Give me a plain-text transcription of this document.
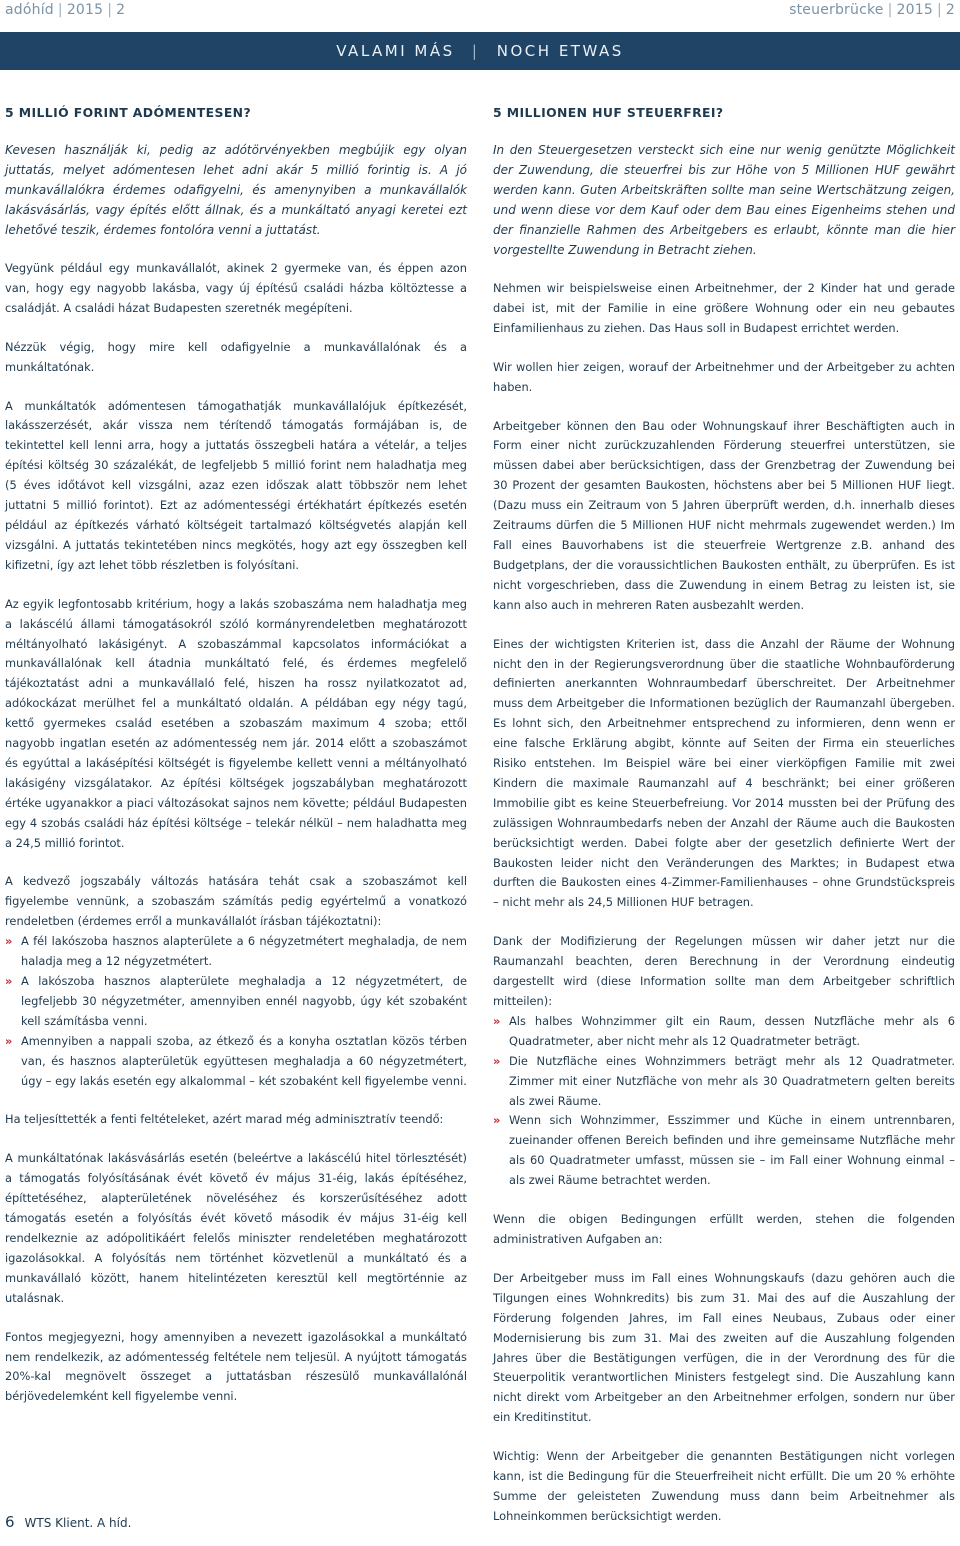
adóhíd | 2015 | 2	steuerbrücke | 2015 | 2
VALAMI MÁS | NOCH ETWAS
5 MILLIÓ FORINT ADÓMENTESEN?

Kevesen használják ki, pedig az adótörvényekben megbújik egy olyan juttatás, melyet adómentesen lehet adni akár 5 millió forintig is. A jó munkavállalókra érdemes odafigyelni, és amenynyiben a munkavállalók lakásvásárlás, vagy építés előtt állnak, és a munkáltató anyagi keretei ezt lehetővé teszik, érdemes fontolóra venni a juttatást.

Vegyünk például egy munkavállalót, akinek 2 gyermeke van, és éppen azon van, hogy egy nagyobb lakásba, vagy új építésű családi házba költöztesse a családját. A családi házat Budapesten szeretnék megépíteni.

Nézzük végig, hogy mire kell odafigyelnie a munkavállalónak és a munkáltatónak.

A munkáltatók adómentesen támogathatják munkavállalójuk építkezését, lakásszerzését, akár vissza nem térítendő támogatás formájában is, de tekintettel kell lenni arra, hogy a juttatás összegbeli határa a vételár, a teljes építési költség 30 százalékát, de legfeljebb 5 millió forint nem haladhatja meg (5 éves időtávot kell vizsgálni, azaz ezen időszak alatt többször nem lehet juttatni 5 millió forintot). Ezt az adómentességi értékhatárt építkezés esetén például az építkezés várható költségeit tartalmazó költségvetés alapján kell vizsgálni. A juttatás tekintetében nincs megkötés, hogy azt egy összegben kell kifizetni, így azt lehet több részletben is folyósítani.

Az egyik legfontosabb kritérium, hogy a lakás szobaszáma nem haladhatja meg a lakáscélú állami támogatásokról szóló kormányrendeletben meghatározott méltányolható lakásigényt. A szobaszámmal kapcsolatos információkat a munkavállalónak kell átadnia munkáltató felé, és érdemes megfelelő tájékoztatást adni a munkavállaló felé, hiszen ha rossz nyilatkozatot ad, adókockázat merülhet fel a munkáltató oldalán. A példában egy négy tagú, kettő gyermekes család esetében a szobaszám maximum 4 szoba; ettől nagyobb ingatlan esetén az adómentesség nem jár. 2014 előtt a szobaszámot és egyúttal a lakásépítési költségét is figyelembe kellett venni a méltányolható lakásigény vizsgálatakor. Az építési költségek jogszabályban meghatározott értéke ugyanakkor a piaci változásokat sajnos nem követte; például Budapesten egy 4 szobás családi ház építési költsége – telekár nélkül – nem haladhatta meg a 24,5 millió forintot.

A kedvező jogszabály változás hatására tehát csak a szobaszámot kell figyelembe vennünk, a szobaszám számítás pedig egyértelmű a vonatkozó rendeletben (érdemes erről a munkavállalót írásban tájékoztatni):

» A fél lakószoba hasznos alapterülete a 6 négyzetmétert meghaladja, de nem haladja meg a 12 négyzetmétert.
» A lakószoba hasznos alapterülete meghaladja a 12 négyzetmétert, de legfeljebb 30 négyzetméter, amennyiben ennél nagyobb, úgy két szobaként kell számításba venni.
» Amennyiben a nappali szoba, az étkező és a konyha osztatlan közös térben van, és hasznos alapterületük együttesen meghaladja a 60 négyzetmétert, úgy – egy lakás esetén egy alkalommal – két szobaként kell figyelembe venni.

Ha teljesíttették a fenti feltételeket, azért marad még adminisztratív teendő:

A munkáltatónak lakásvásárlás esetén (beleértve a lakáscélú hitel törlesztését) a támogatás folyósításának évét követő év május 31-éig, lakás építéséhez, építtetéséhez, alapterületének növeléséhez és korszerűsítéséhez adott támogatás esetén a folyósítás évét követő második év május 31-éig kell rendelkeznie az adópolitikáért felelős miniszter rendeletében meghatározott igazolásokkal. A folyósítás nem történhet közvetlenül a munkáltató és a munkavállaló között, hanem hitelintézeten keresztül kell megtörténnie az utalásnak.

Fontos megjegyezni, hogy amennyiben a nevezett igazolásokkal a munkáltató nem rendelkezik, az adómentesség feltétele nem teljesül. A nyújtott támogatás 20%-kal megnövelt összeget a juttatásban részesülő munkavállalónál bérjövedelemként kell figyelembe venni.

5 MILLIONEN HUF STEUERFREI?

In den Steuergesetzen versteckt sich eine nur wenig genützte Möglichkeit der Zuwendung, die steuerfrei bis zur Höhe von 5 Millionen HUF gewährt werden kann. Guten Arbeitskräften sollte man seine Wertschätzung zeigen, und wenn diese vor dem Kauf oder dem Bau eines Eigenheims stehen und der finanzielle Rahmen des Arbeitgebers es erlaubt, könnte man die hier vorgestellte Zuwendung in Betracht ziehen.

Nehmen wir beispielsweise einen Arbeitnehmer, der 2 Kinder hat und gerade dabei ist, mit der Familie in eine größere Wohnung oder ein neu gebautes Einfamilienhaus zu ziehen. Das Haus soll in Budapest errichtet werden.

Wir wollen hier zeigen, worauf der Arbeitnehmer und der Arbeitgeber zu achten haben.

Arbeitgeber können den Bau oder Wohnungskauf ihrer Beschäftigten auch in Form einer nicht zurückzuzahlenden Förderung steuerfrei unterstützen, sie müssen dabei aber berücksichtigen, dass der Grenzbetrag der Zuwendung bei 30 Prozent der gesamten Baukosten, höchstens aber bei 5 Millionen HUF liegt. (Dazu muss ein Zeitraum von 5 Jahren überprüft werden, d.h. innerhalb dieses Zeitraums dürfen die 5 Millionen HUF nicht mehrmals zugewendet werden.) Im Fall eines Bauvorhabens ist die steuerfreie Wertgrenze z.B. anhand des Budgetplans, der die voraussichtlichen Baukosten enthält, zu überprüfen. Es ist nicht vorgeschrieben, dass die Zuwendung in einem Betrag zu leisten ist, sie kann also auch in mehreren Raten ausbezahlt werden.

Eines der wichtigsten Kriterien ist, dass die Anzahl der Räume der Wohnung nicht den in der Regierungsverordnung über die staatliche Wohnbauförderung definierten anerkannten Wohnraumbedarf überschreitet. Der Arbeitnehmer muss dem Arbeitgeber die Informationen bezüglich der Raumanzahl übergeben. Es lohnt sich, den Arbeitnehmer entsprechend zu informieren, denn wenn er eine falsche Erklärung abgibt, könnte auf Seiten der Firma ein steuerliches Risiko entstehen. Im Beispiel wäre bei einer vierköpfigen Familie mit zwei Kindern die maximale Raumanzahl auf 4 beschränkt; bei einer größeren Immobilie gibt es keine Steuerbefreiung. Vor 2014 mussten bei der Prüfung des zulässigen Wohnraumbedarfs neben der Anzahl der Räume auch die Baukosten berücksichtigt werden. Dabei folgte aber der gesetzlich definierte Wert der Baukosten leider nicht den Veränderungen des Marktes; in Budapest etwa durften die Baukosten eines 4-Zimmer-Familienhauses – ohne Grundstückspreis – nicht mehr als 24,5 Millionen HUF betragen.

Dank der Modifizierung der Regelungen müssen wir daher jetzt nur die Raumanzahl beachten, deren Berechnung in der Verordnung eindeutig dargestellt wird (diese Information sollte man dem Arbeitgeber schriftlich mitteilen):

» Als halbes Wohnzimmer gilt ein Raum, dessen Nutzfläche mehr als 6 Quadratmeter, aber nicht mehr als 12 Quadratmeter beträgt.
» Die Nutzfläche eines Wohnzimmers beträgt mehr als 12 Quadratmeter. Zimmer mit einer Nutzfläche von mehr als 30 Quadratmetern gelten bereits als zwei Räume.
» Wenn sich Wohnzimmer, Esszimmer und Küche in einem untrennbaren, zueinander offenen Bereich befinden und ihre gemeinsame Nutzfläche mehr als 60 Quadratmeter umfasst, müssen sie – im Fall einer Wohnung einmal – als zwei Räume betrachtet werden.

Wenn die obigen Bedingungen erfüllt werden, stehen die folgenden administrativen Aufgaben an:

Der Arbeitgeber muss im Fall eines Wohnungskaufs (dazu gehören auch die Tilgungen eines Wohnkredits) bis zum 31. Mai des auf die Auszahlung der Förderung folgenden Jahres, im Fall eines Neubaus, Zubaus oder einer Modernisierung bis zum 31. Mai des zweiten auf die Auszahlung folgenden Jahres über die Bestätigungen verfügen, die in der Verordnung des für die Steuerpolitik verantwortlichen Ministers festgelegt sind. Die Auszahlung kann nicht direkt vom Arbeitgeber an den Arbeitnehmer erfolgen, sondern nur über ein Kreditinstitut.

Wichtig: Wenn der Arbeitgeber die genannten Bestätigungen nicht vorlegen kann, ist die Bedingung für die Steuerfreiheit nicht erfüllt. Die um 20 % erhöhte Summe der geleisteten Zuwendung muss dann beim Arbeitnehmer als Lohneinkommen berücksichtigt werden.

6 WTS Klient. A híd.
